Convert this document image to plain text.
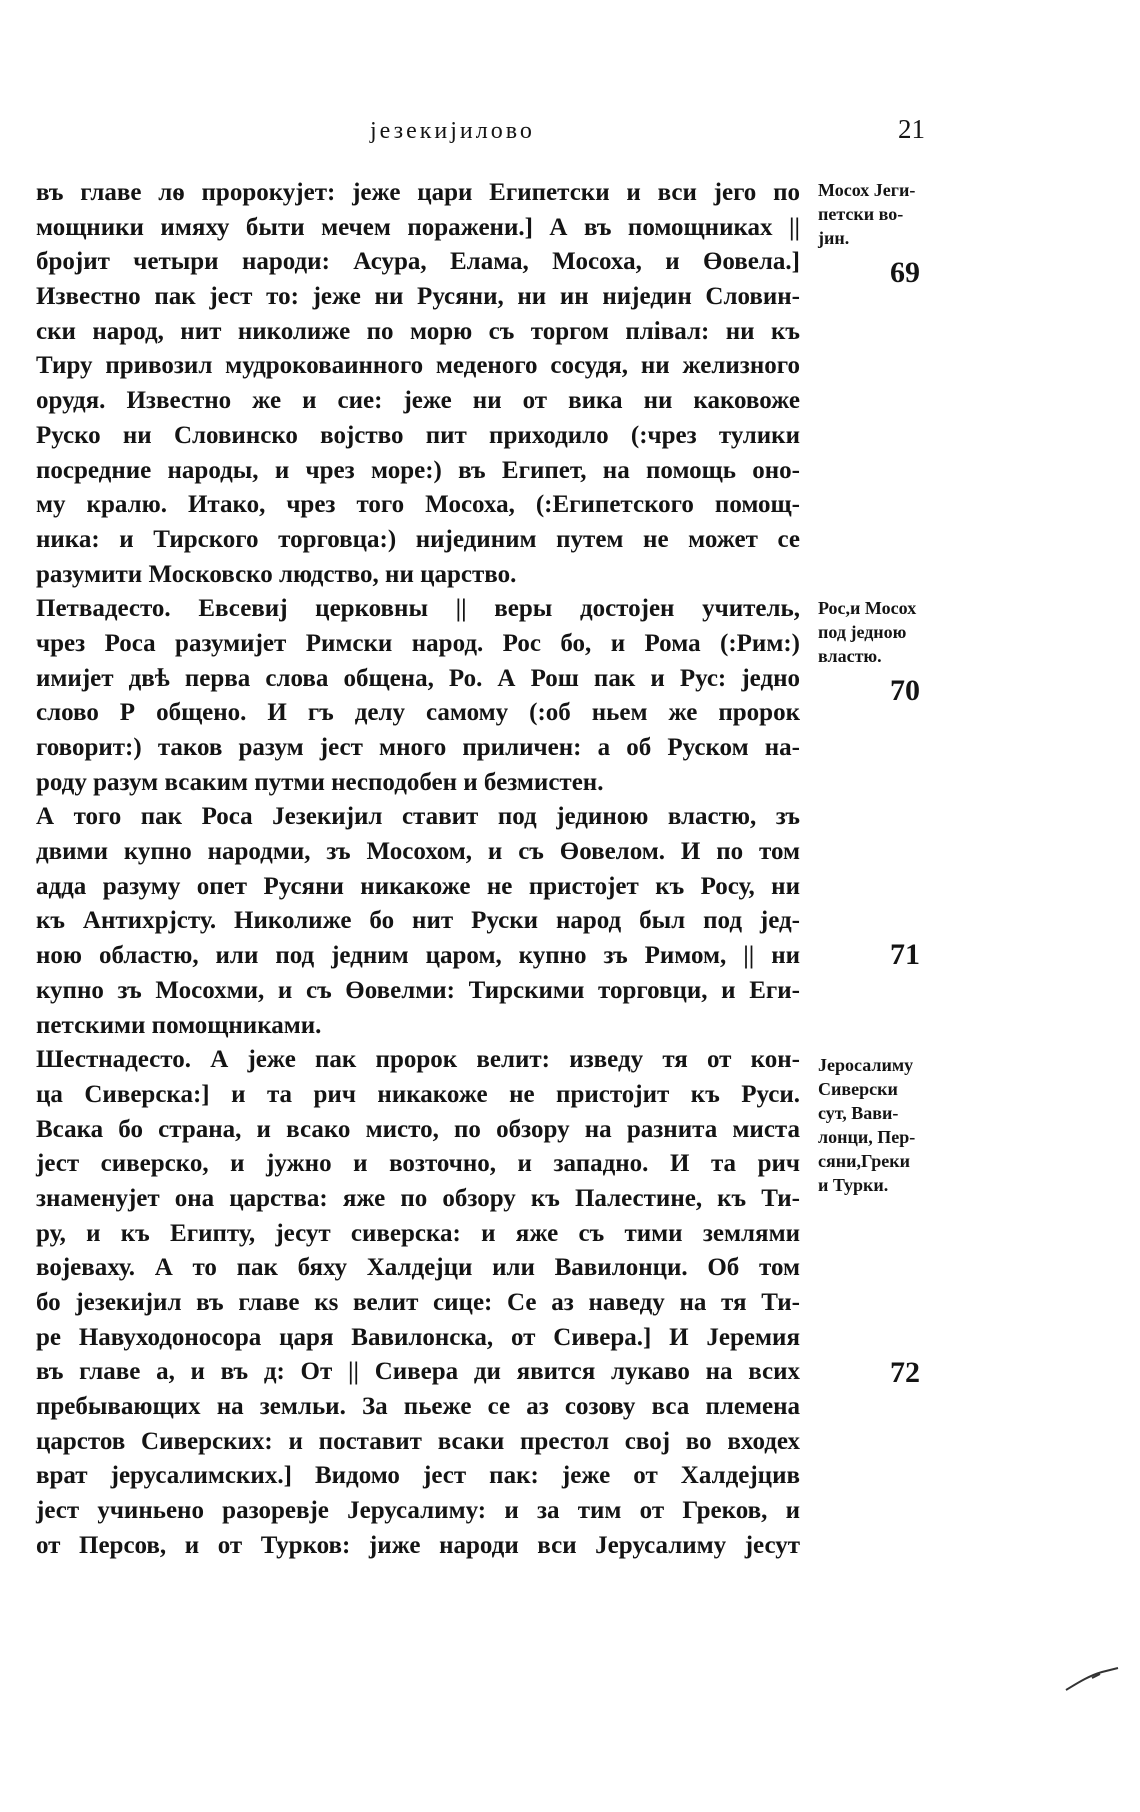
језекијилово	21
въ главе лѳ пророкујет: јеже цари Египетски и вси јего по
мощники имяху быти мечем поражени.] А въ помощниках ||
бројит четыри народи: Асура, Елама, Мосоха, и Өовела.]
Известно пак јест то: јеже ни Русяни, ни ин ниједин Словин-
ски народ, нит николиже по морю съ торгом плівал: ни къ
Тиру привозил мудроковаинного меденого сосудя, ни желизного
орудя. Известно же и сие: јеже ни от вика ни каковоже
Руско ни Словинско војство пит приходило (:чрез тулики
посредние народы, и чрез море:) въ Египет, на помощь оно-
му кралю. Итако, чрез того Мосоха, (:Египетского помощ-
ника: и Тирского торговца:) нијединим путем не может се
разумити Московско людство, ни царство.
Петвадесто. Евсевиј церковны || веры достојен учитель,
чрез Роса разумијет Римски народ. Рос бо, и Рома (:Рим:)
имијет двѣ перва слова общена, Ро. А Рош пак и Рус: једно
слово Р общено. И гъ делу самому (:об ньем же пророк
говорит:) таков разум јест много приличен: а об Руском на-
роду разум всаким путми несподобен и безмистен.
А того пак Роса Језекијил ставит под јединою властю, зъ
двими купно народми, зъ Мосохом, и съ Өовелом. И по том
адда разуму опет Русяни никакоже не пристојет къ Росу, ни
къ Антихрјсту. Николиже бо нит Руски народ был под јед-
ною областю, или под једним царом, купно зъ Римом, || ни
купно зъ Мосохми, и съ Өовелми: Тирскими торговци, и Еги-
петскими помощниками.
Шестнадесто. А јеже пак пророк велит: изведу тя от кон-
ца Сиверска:] и та рич никакоже не пристојит къ Руси.
Всака бо страна, и всако мисто, по обзору на разнита миста
јест сиверско, и јужно и возточно, и западно. И та рич
знаменујет она царства: яже по обзору къ Палестине, къ Ти-
ру, и къ Египту, јесут сиверска: и яже съ тими землями
војеваху. А то пак бяху Халдејци или Вавилонци. Об том
бо језекијил въ главе кѕ велит сице: Се аз наведу на тя Ти-
ре Навуходоносора царя Вавилонска, от Сивера.] И Јеремия
въ главе а, и въ д: От || Сивера ди явится лукаво на всих
пребывающих на земльи. За пьеже се аз созову вса племена
царстов Сиверских: и поставит всаки престол свој во входех
врат јерусалимских.] Видомо јест пак: јеже от Халдејцив
јест учиньено разоревје Јерусалиму: и за тим от Греков, и
от Персов, и от Турков: јиже народи вси Јерусалиму јесут
Мосох Јеги-
петски во-
јин.
Рос,и Мосох
под једною
властю.
Јеросалиму
Сиверски
сут, Вави-
лонци, Пер-
сяни,Греки
и Турки.
69
70
71
72
